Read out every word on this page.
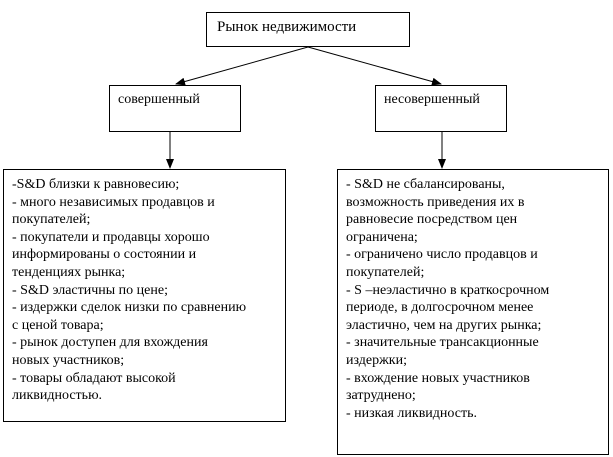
Рынок недвижимости
совершенный	несовершенный
-S&D близки к равновесию;
- много независимых продавцов и
покупателей;
- покупатели и продавцы хорошо
информированы о состоянии и
тенденциях рынка;
- S&D эластичны по цене;
- издержки сделок низки по сравнению
с ценой товара;
- рынок доступен для вхождения
новых участников;
- товары обладают высокой
ликвидностью.
- S&D не сбалансированы,
возможность приведения их в
равновесие посредством цен
ограничена;
- ограничено число продавцов и
покупателей;
- S –неэластично в краткосрочном
периоде, в долгосрочном менее
эластично, чем на других рынка;
- значительные трансакционные
издержки;
- вхождение новых участников
затруднено;
- низкая ликвидность.
